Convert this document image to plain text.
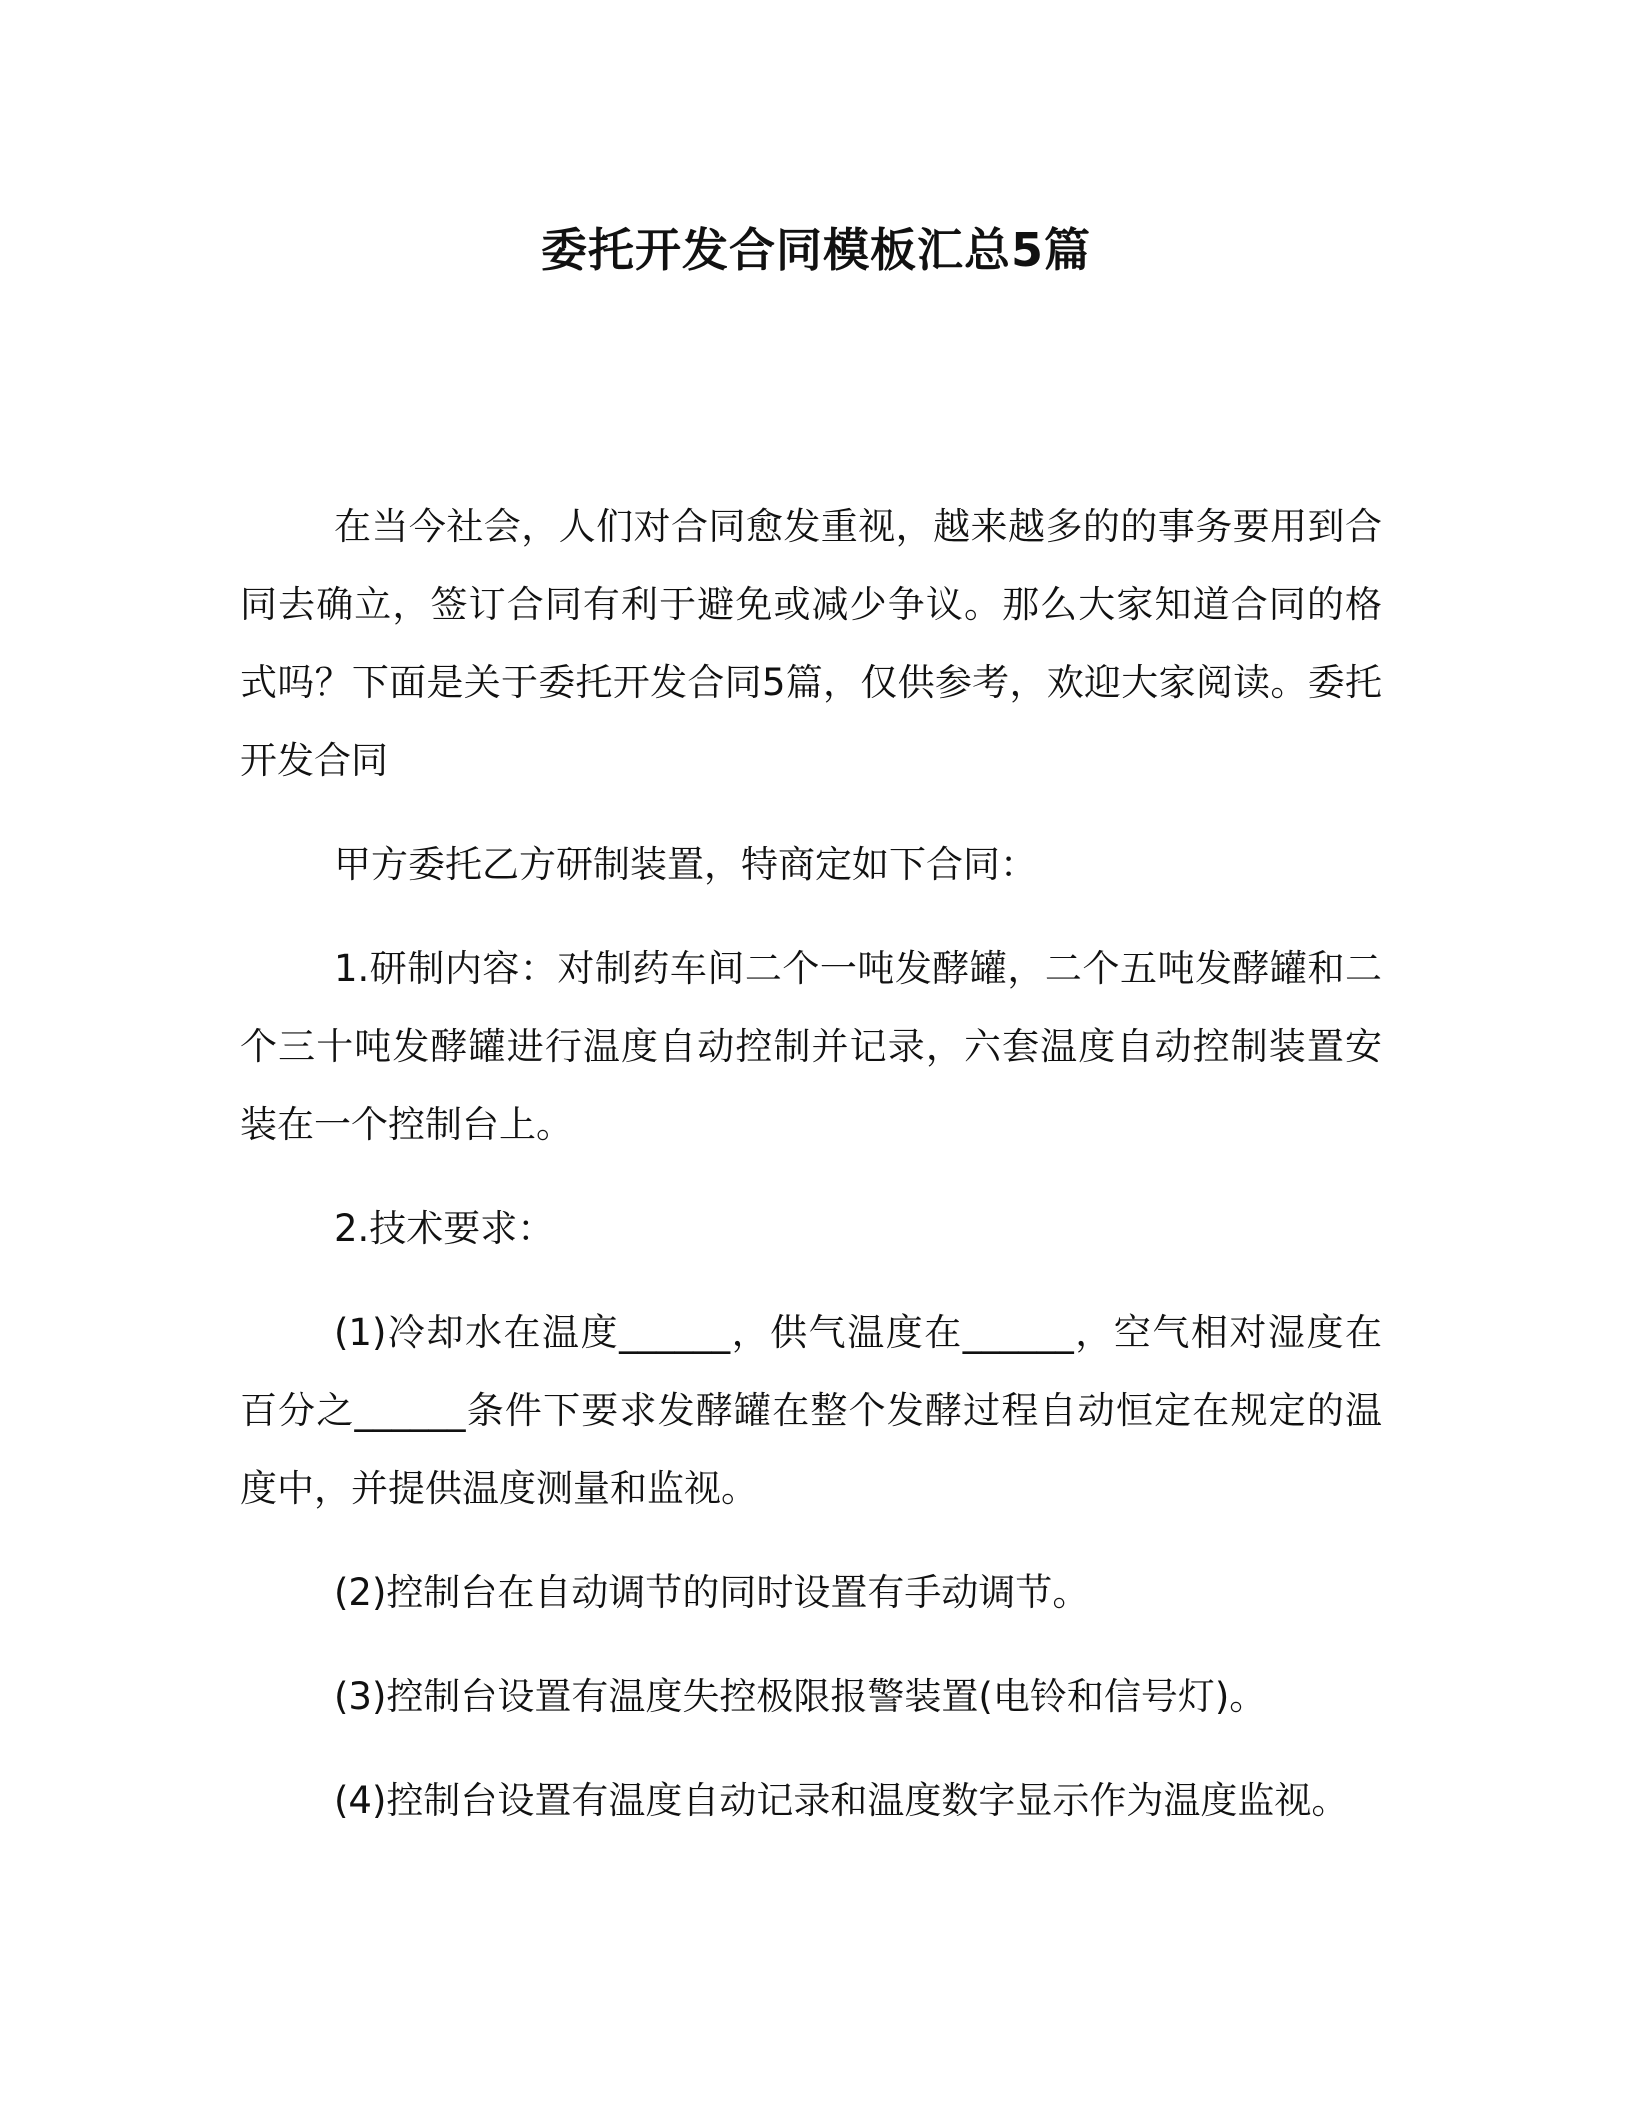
委托开发合同模板汇总5篇

在当今社会，人们对合同愈发重视，越来越多的的事务要用到合同去确立，签订合同有利于避免或减少争议。那么大家知道合同的格式吗？下面是关于委托开发合同5篇，仅供参考，欢迎大家阅读。委托开发合同

甲方委托乙方研制装置，特商定如下合同：

1.研制内容：对制药车间二个一吨发酵罐，二个五吨发酵罐和二个三十吨发酵罐进行温度自动控制并记录，六套温度自动控制装置安装在一个控制台上。

2.技术要求：

(1)冷却水在温度______，供气温度在______，空气相对湿度在百分之______条件下要求发酵罐在整个发酵过程自动恒定在规定的温度中，并提供温度测量和监视。

(2)控制台在自动调节的同时设置有手动调节。

(3)控制台设置有温度失控极限报警装置(电铃和信号灯)。

(4)控制台设置有温度自动记录和温度数字显示作为温度监视。
